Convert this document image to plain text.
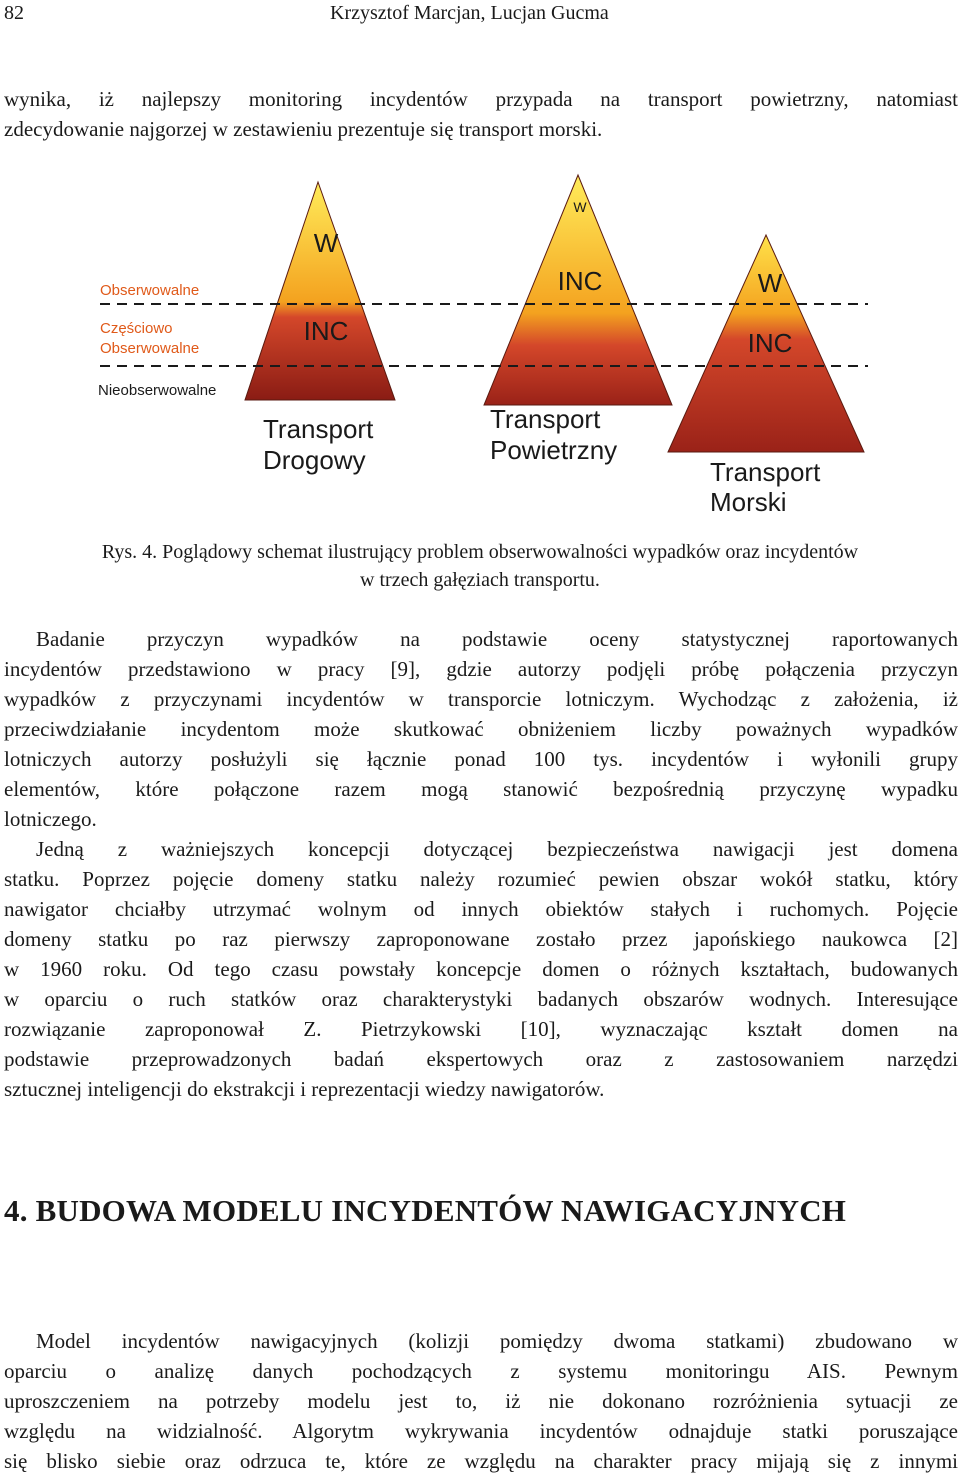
82	Krzysztof Marcjan, Lucjan Gucma
wynika, iż najlepszy monitoring incydentów przypada na transport powietrzny, natomiast
zdecydowanie najgorzej w zestawieniu prezentuje się transport morski.
Obserwowalne
Częściowo
Obserwowalne
Nieobserwowalne
W
INC
Transport
Drogowy
W
INC
Transport
Powietrzny
W
INC
Transport
Morski
Rys. 4. Poglądowy schemat ilustrujący problem obserwowalności wypadków oraz incydentów
w trzech gałęziach transportu.
Badanie przyczyn wypadków na podstawie oceny statystycznej raportowanych
incydentów przedstawiono w pracy [9], gdzie autorzy podjęli próbę połączenia przyczyn
wypadków z przyczynami incydentów w transporcie lotniczym. Wychodząc z założenia, iż
przeciwdziałanie incydentom może skutkować obniżeniem liczby poważnych wypadków
lotniczych autorzy posłużyli się łącznie ponad 100 tys. incydentów i wyłonili grupy
elementów, które połączone razem mogą stanowić bezpośrednią przyczynę wypadku
lotniczego.
Jedną z ważniejszych koncepcji dotyczącej bezpieczeństwa nawigacji jest domena
statku. Poprzez pojęcie domeny statku należy rozumieć pewien obszar wokół statku, który
nawigator chciałby utrzymać wolnym od innych obiektów stałych i ruchomych. Pojęcie
domeny statku po raz pierwszy zaproponowane zostało przez japońskiego naukowca [2]
w 1960 roku. Od tego czasu powstały koncepcje domen o różnych kształtach, budowanych
w oparciu o ruch statków oraz charakterystyki badanych obszarów wodnych. Interesujące
rozwiązanie zaproponował Z. Pietrzykowski [10], wyznaczając kształt domen na
podstawie przeprowadzonych badań ekspertowych oraz z zastosowaniem narzędzi
sztucznej inteligencji do ekstrakcji i reprezentacji wiedzy nawigatorów.
4. BUDOWA MODELU INCYDENTÓW NAWIGACYJNYCH
Model incydentów nawigacyjnych (kolizji pomiędzy dwoma statkami) zbudowano w
oparciu o analizę danych pochodzących z systemu monitoringu AIS. Pewnym
uproszczeniem na potrzeby modelu jest to, iż nie dokonano rozróżnienia sytuacji ze
względu na widzialność. Algorytm wykrywania incydentów odnajduje statki poruszające
się blisko siebie oraz odrzuca te, które ze względu na charakter pracy mijają się z innymi
